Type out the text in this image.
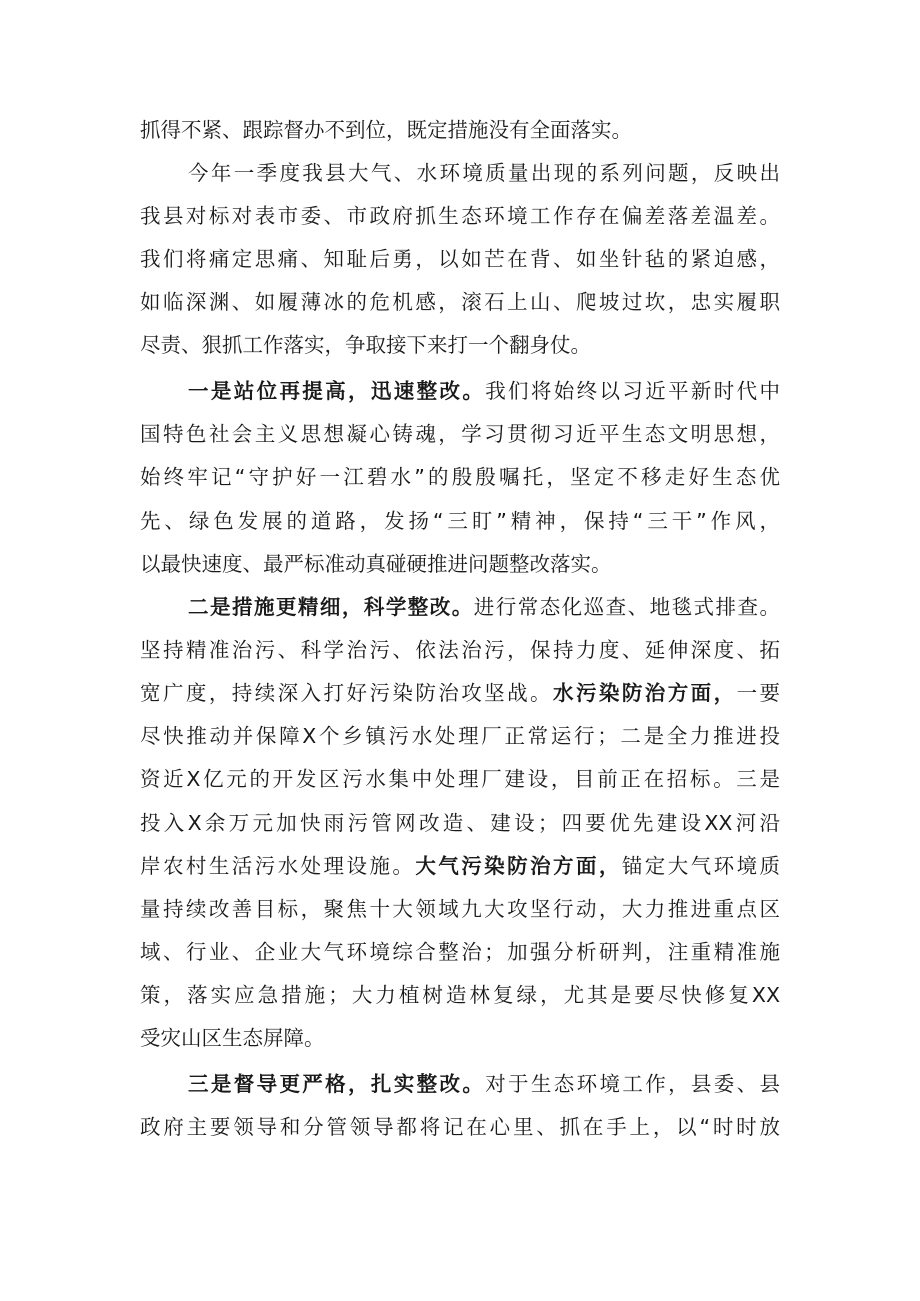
抓得不紧、跟踪督办不到位，既定措施没有全面落实。
今年一季度我县大气、水环境质量出现的系列问题，反映出
我县对标对表市委、市政府抓生态环境工作存在偏差落差温差。
我们将痛定思痛、知耻后勇，以如芒在背、如坐针毡的紧迫感，
如临深渊、如履薄冰的危机感，滚石上山、爬坡过坎，忠实履职
尽责、狠抓工作落实，争取接下来打一个翻身仗。
一是站位再提高，迅速整改。我们将始终以习近平新时代中
国特色社会主义思想凝心铸魂，学习贯彻习近平生态文明思想，
始终牢记“守护好一江碧水”的殷殷嘱托，坚定不移走好生态优
先、绿色发展的道路，发扬“三盯”精神，保持“三干”作风，
以最快速度、最严标准动真碰硬推进问题整改落实。
二是措施更精细，科学整改。进行常态化巡查、地毯式排查。
坚持精准治污、科学治污、依法治污，保持力度、延伸深度、拓
宽广度，持续深入打好污染防治攻坚战。水污染防治方面，一要
尽快推动并保障X个乡镇污水处理厂正常运行；二是全力推进投
资近X亿元的开发区污水集中处理厂建设，目前正在招标。三是
投入X余万元加快雨污管网改造、建设；四要优先建设XX河沿
岸农村生活污水处理设施。大气污染防治方面，锚定大气环境质
量持续改善目标，聚焦十大领域九大攻坚行动，大力推进重点区
域、行业、企业大气环境综合整治；加强分析研判，注重精准施
策，落实应急措施；大力植树造林复绿，尤其是要尽快修复XX
受灾山区生态屏障。
三是督导更严格，扎实整改。对于生态环境工作，县委、县
政府主要领导和分管领导都将记在心里、抓在手上，以“时时放
